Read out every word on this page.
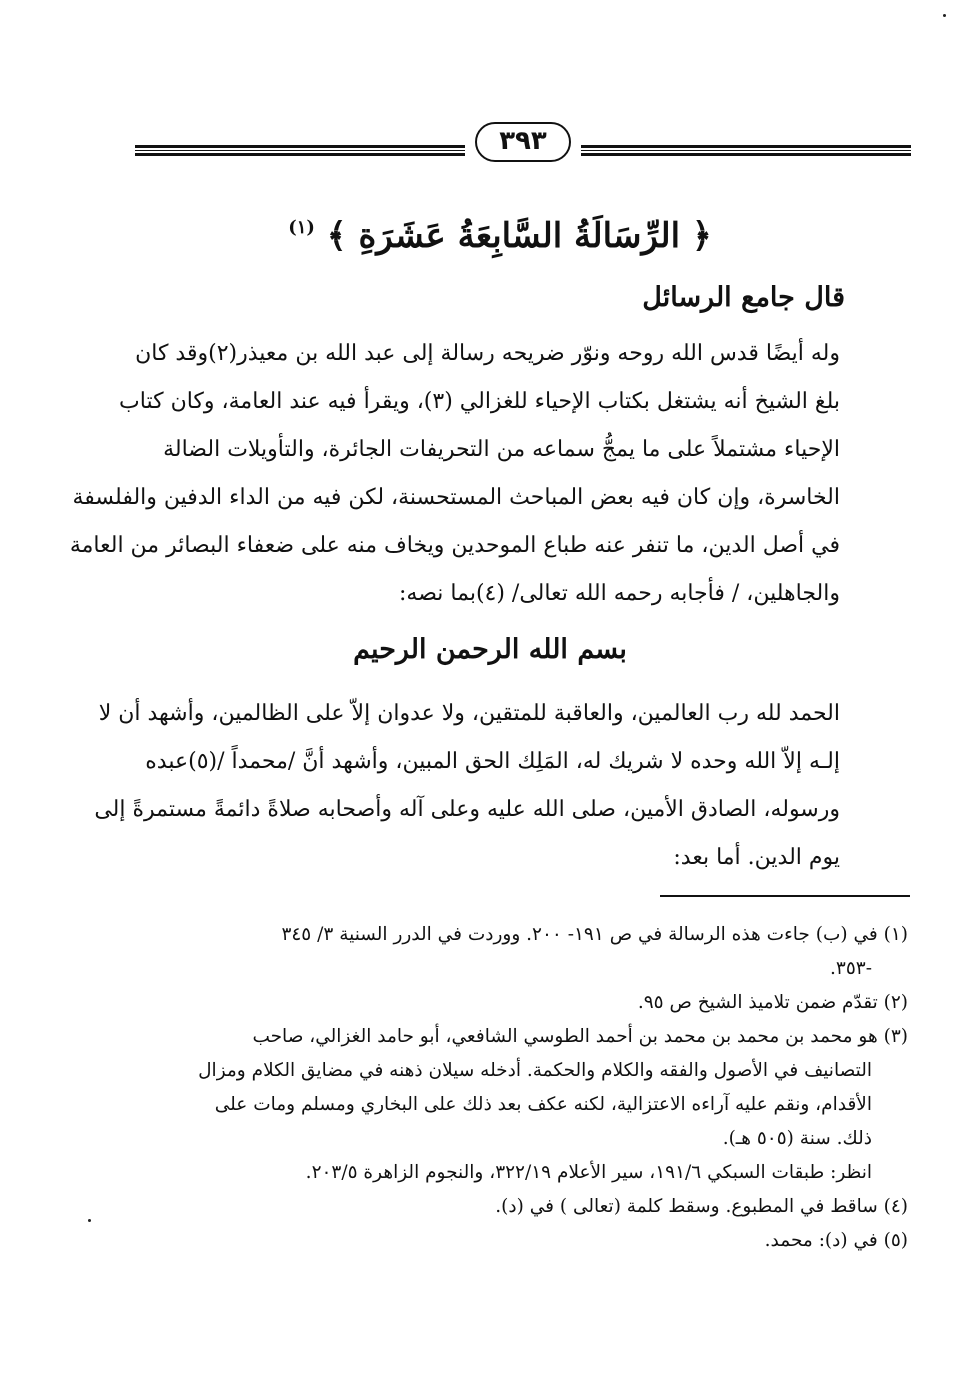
٣٩٣
﴿ الرِّسَالَةُ السَّابِعَةُ عَشَرَةِ ﴾ $^{(١)}$
قال جامع الرسائل
وله أيضًا قدس الله روحه ونوّر ضريحه رسالة إلى عبد الله بن معيذر(٢)وقد كان
بلغ الشيخ أنه يشتغل بكتاب الإحياء للغزالي (٣)، ويقرأ فيه عند العامة، وكان كتاب
الإحياء مشتملاً على ما يمجُّ سماعه من التحريفات الجائرة، والتأويلات الضالة
الخاسرة، وإن كان فيه بعض المباحث المستحسنة، لكن فيه من الداء الدفين والفلسفة
في أصل الدين، ما تنفر عنه طباع الموحدين ويخاف منه على ضعفاء البصائر من العامة
والجاهلين، / فأجابه رحمه الله تعالى/ (٤)بما نصه:
بسم الله الرحمن الرحيم
الحمد لله رب العالمين، والعاقبة للمتقين، ولا عدوان إلاّ على الظالمين، وأشهد أن لا
إلـه إلاّ الله وحده لا شريك له، المَلِك الحق المبين، وأشهد أنَّ /محمداً /(٥)عبده
ورسوله، الصادق الأمين، صلى الله عليه وعلى آله وأصحابه صلاةً دائمةً مستمرةً إلى
يوم الدين. أما بعد:
(١) في (ب) جاءت هذه الرسالة في ص ١٩١- ٢٠٠. ووردت في الدرر السنية ٣/ ٣٤٥
-٣٥٣.
(٢) تقدّم ضمن تلاميذ الشيخ ص ٩٥.
(٣) هو محمد بن محمد بن محمد بن أحمد الطوسي الشافعي، أبو حامد الغزالي، صاحب
التصانيف في الأصول والفقه والكلام والحكمة. أدخله سيلان ذهنه في مضايق الكلام ومزال
الأقدام، ونقم عليه آراءه الاعتزالية، لكنه عكف بعد ذلك على البخاري ومسلم ومات على
ذلك. سنة (٥٠٥ هـ).
انظر: طبقات السبكي ١٩١/٦، سير الأعلام ٣٢٢/١٩، والنجوم الزاهرة ٢٠٣/٥.
(٤) ساقط في المطبوع. وسقط كلمة (تعالى ) في (د).
(٥) في (د): محمد.
